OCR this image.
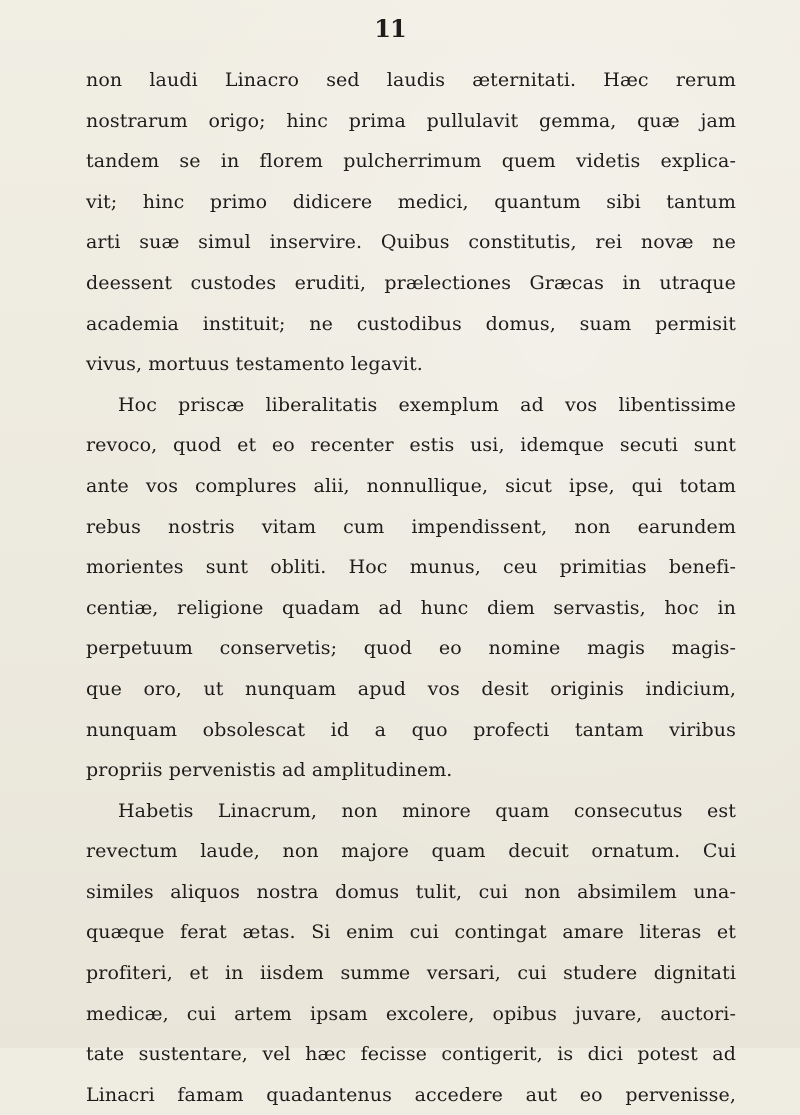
11
non laudi Linacro sed laudis æternitati. Hæc rerum
nostrarum origo; hinc prima pullulavit gemma, quæ jam
tandem se in florem pulcherrimum quem videtis explica-
vit; hinc primo didicere medici, quantum sibi tantum
arti suæ simul inservire. Quibus constitutis, rei novæ ne
deessent custodes eruditi, prælectiones Græcas in utraque
academia instituit; ne custodibus domus, suam permisit
vivus, mortuus testamento legavit.
Hoc priscæ liberalitatis exemplum ad vos libentissime
revoco, quod et eo recenter estis usi, idemque secuti sunt
ante vos complures alii, nonnullique, sicut ipse, qui totam
rebus nostris vitam cum impendissent, non earundem
morientes sunt obliti. Hoc munus, ceu primitias benefi-
centiæ, religione quadam ad hunc diem servastis, hoc in
perpetuum conservetis; quod eo nomine magis magis-
que oro, ut nunquam apud vos desit originis indicium,
nunquam obsolescat id a quo profecti tantam viribus
propriis pervenistis ad amplitudinem.
Habetis Linacrum, non minore quam consecutus est
revectum laude, non majore quam decuit ornatum. Cui
similes aliquos nostra domus tulit, cui non absimilem una-
quæque ferat ætas. Si enim cui contingat amare literas et
profiteri, et in iisdem summe versari, cui studere dignitati
medicæ, cui artem ipsam excolere, opibus juvare, auctori-
tate sustentare, vel hæc fecisse contigerit, is dici potest ad
Linacri famam quadantenus accedere aut eo pervenisse,
